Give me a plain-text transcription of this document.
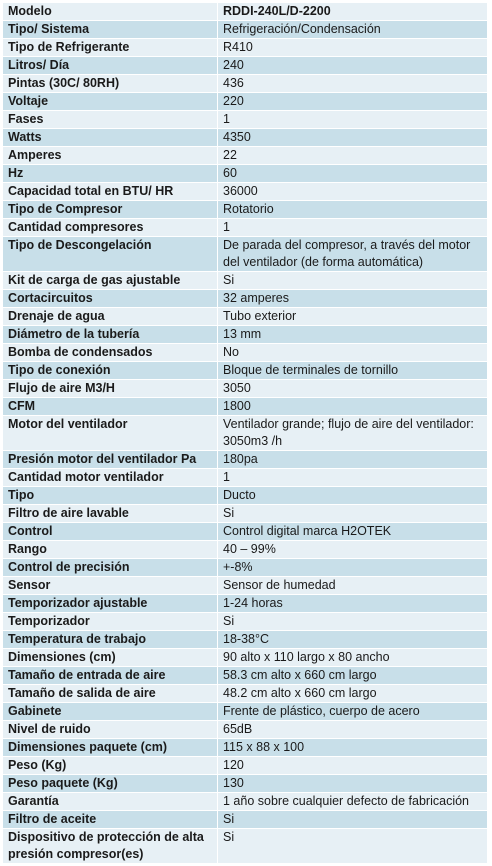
Modelo	RDDI-240L/D-2200
Tipo/ Sistema	Refrigeración/Condensación
Tipo de Refrigerante	R410
Litros/ Día	240
Pintas (30C/ 80RH)	436
Voltaje	220
Fases	1
Watts	4350
Amperes	22
Hz	60
Capacidad total en BTU/ HR	36000
Tipo de Compresor	Rotatorio
Cantidad compresores	1
Tipo de Descongelación	De parada del compresor, a través del motor del ventilador (de forma automática)
Kit de carga de gas ajustable	Si
Cortacircuitos	32 amperes
Drenaje de agua	Tubo exterior
Diámetro de la tubería	13 mm
Bomba de condensados	No
Tipo de conexión	Bloque de terminales de tornillo
Flujo de aire M3/H	3050
CFM	1800
Motor del ventilador	Ventilador grande; flujo de aire del ventilador: 3050m3 /h
Presión motor del ventilador Pa	180pa
Cantidad motor ventilador	1
Tipo	Ducto
Filtro de aire lavable	Si
Control	Control digital marca H2OTEK
Rango	40 – 99%
Control de precisión	+-8%
Sensor	Sensor de humedad
Temporizador ajustable	1-24 horas
Temporizador	Si
Temperatura de trabajo	18-38°C
Dimensiones (cm)	90 alto x 110 largo x 80 ancho
Tamaño de entrada de aire	58.3 cm alto x 660 cm largo
Tamaño de salida de aire	48.2 cm alto x 660 cm largo
Gabinete	Frente de plástico, cuerpo de acero
Nivel de ruido	65dB
Dimensiones paquete (cm)	115 x 88 x 100
Peso (Kg)	120
Peso paquete (Kg)	130
Garantía	1 año sobre cualquier defecto de fabricación
Filtro de aceite	Si
Dispositivo de protección de alta presión compresor(es)	Si
